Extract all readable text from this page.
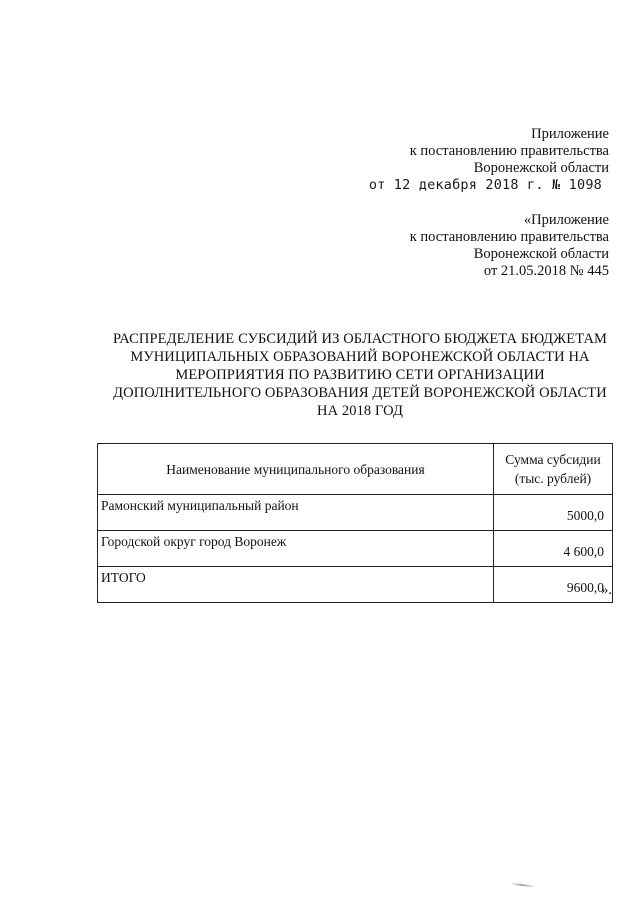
Приложение
к постановлению правительства
Воронежской области
от 12 декабря 2018 г. № 1098
«Приложение
к постановлению правительства
Воронежской области
от 21.05.2018 № 445
РАСПРЕДЕЛЕНИЕ СУБСИДИЙ ИЗ ОБЛАСТНОГО БЮДЖЕТА БЮДЖЕТАМ
МУНИЦИПАЛЬНЫХ ОБРАЗОВАНИЙ ВОРОНЕЖСКОЙ ОБЛАСТИ НА
МЕРОПРИЯТИЯ ПО РАЗВИТИЮ СЕТИ ОРГАНИЗАЦИИ
ДОПОЛНИТЕЛЬНОГО ОБРАЗОВАНИЯ ДЕТЕЙ ВОРОНЕЖСКОЙ ОБЛАСТИ
НА 2018 ГОД
Наименование муниципального образования	Сумма субсидии
(тыс. рублей)

Рамонский муниципальный район	5000,0
Городской округ город Воронеж	4 600,0
ИТОГО	9600,0
».
